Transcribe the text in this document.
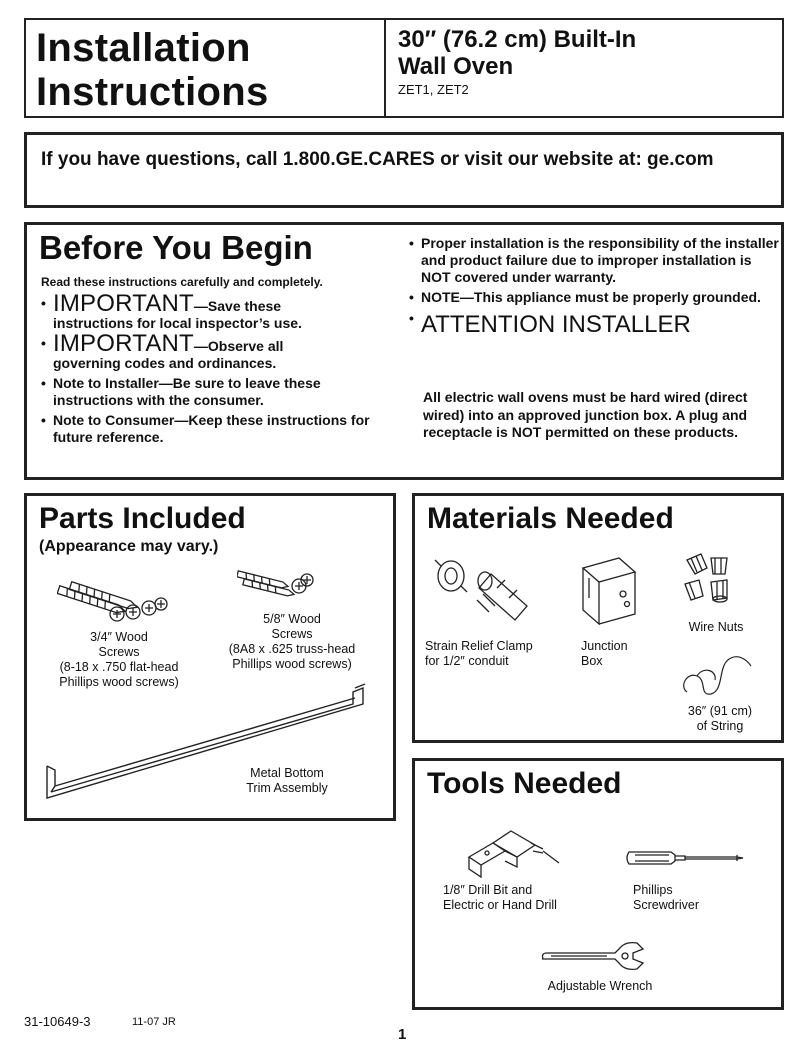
Installation
Instructions
30″ (76.2 cm) Built-In
Wall Oven
ZET1, ZET2
If you have questions, call 1.800.GE.CARES or visit our website at: ge.com
Before You Begin
Read these instructions carefully and completely.
• IMPORTANT—Save these
instructions for local inspector’s use.
• IMPORTANT—Observe all
governing codes and ordinances.
• Note to Installer—Be sure to leave these instructions with the consumer.
• Note to Consumer—Keep these instructions for future reference.
• Proper installation is the responsibility of the installer and product failure due to improper installation is NOT covered under warranty.
• NOTE—This appliance must be properly grounded.
• ATTENTION INSTALLER
All electric wall ovens must be hard wired (direct wired) into an approved junction box. A plug and receptacle is NOT permitted on these products.
Parts Included
(Appearance may vary.)
3/4″ Wood
Screws
(8-18 x .750 flat-head
Phillips wood screws)
5/8″ Wood
Screws
(8A8 x .625 truss-head
Phillips wood screws)
Metal Bottom
Trim Assembly
Materials Needed
Strain Relief Clamp
for 1/2″ conduit
Junction
Box
Wire Nuts
36″ (91 cm)
of String
Tools Needed
1/8″ Drill Bit and
Electric or Hand Drill
Phillips
Screwdriver
Adjustable Wrench
31-10649-3	11-07 JR
1
